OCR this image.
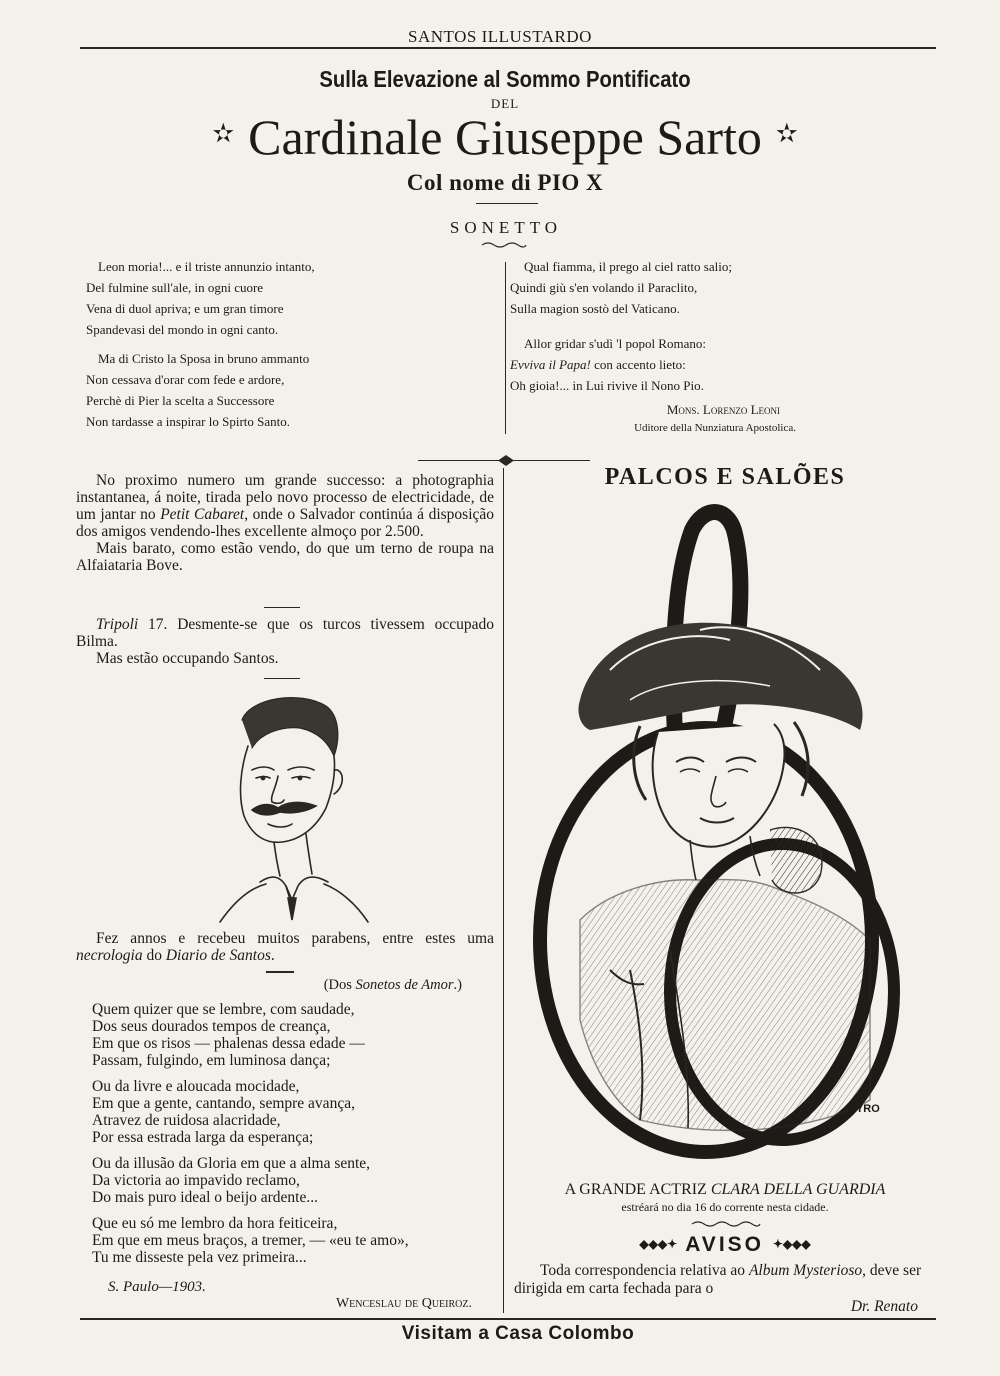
SANTOS ILLUSTARDO
Sulla Elevazione al Sommo Pontificato
DEL
✫ Cardinale Giuseppe Sarto ✫
Col nome di PIO X
SONETTO
Leon moria!... e il triste annunzio intanto,
Del fulmine sull'ale, in ogni cuore
Vena di duol apriva; e um gran timore
Spandevasi del mondo in ogni canto.
Ma di Cristo la Sposa in bruno ammanto
Non cessava d'orar com fede e ardore,
Perchè di Pier la scelta a Successore
Non tardasse a inspirar lo Spirto Santo.
Qual fiamma, il prego al ciel ratto salio;
Quindi giù s'en volando il Paraclito,
Sulla magion sostò del Vaticano.
Allor gridar s'udì 'l popol Romano:
Evviva il Papa! con accento lieto:
Oh gioia!... in Lui rivive il Nono Pio.
Mons. Lorenzo Leoni
Uditore della Nunziatura Apostolica.

No proximo numero um grande successo: a photographia instantanea, á noite, tirada pelo novo processo de electricidade, de um jantar no Petit Cabaret, onde o Salvador continúa á disposição dos amigos vendendo-lhes excellente almoço por 2.500.

Mais barato, como estão vendo, do que um terno de roupa na Alfaiataria Bove.

Tripoli 17. Desmente-se que os turcos tivessem occupado Bilma.

Mas estão occupando Santos.

Fez annos e recebeu muitos parabens, entre estes uma necrologia do Diario de Santos.

(Dos Sonetos de Amor.)
Quem quizer que se lembre, com saudade,
Dos seus dourados tempos de creança,
Em que os risos — phalenas dessa edade —
Passam, fulgindo, em luminosa dança;
Ou da livre e aloucada mocidade,
Em que a gente, cantando, sempre avança,
Atravez de ruidosa alacridade,
Por essa estrada larga da esperança;
Ou da illusão da Gloria em que a alma sente,
Da victoria ao impavido reclamo,
Do mais puro ideal o beijo ardente...
Que eu só me lembro da hora feiticeira,
Em que em meus braços, a tremer, — «eu te amo»,
Tu me disseste pela vez primeira...
S. Paulo—1903.
Wenceslau de Queiroz.
PALCOS E SALÕES
NYRO
A GRANDE ACTRIZ CLARA DELLA GUARDIA
estréará no dia 16 do corrente nesta cidade.
◆◆◆✦ AVISO ✦◆◆◆

Toda correspondencia relativa ao Album Mysterioso, deve ser dirigida em carta fechada para o

Dr. Renato
Visitam a Casa Colombo
